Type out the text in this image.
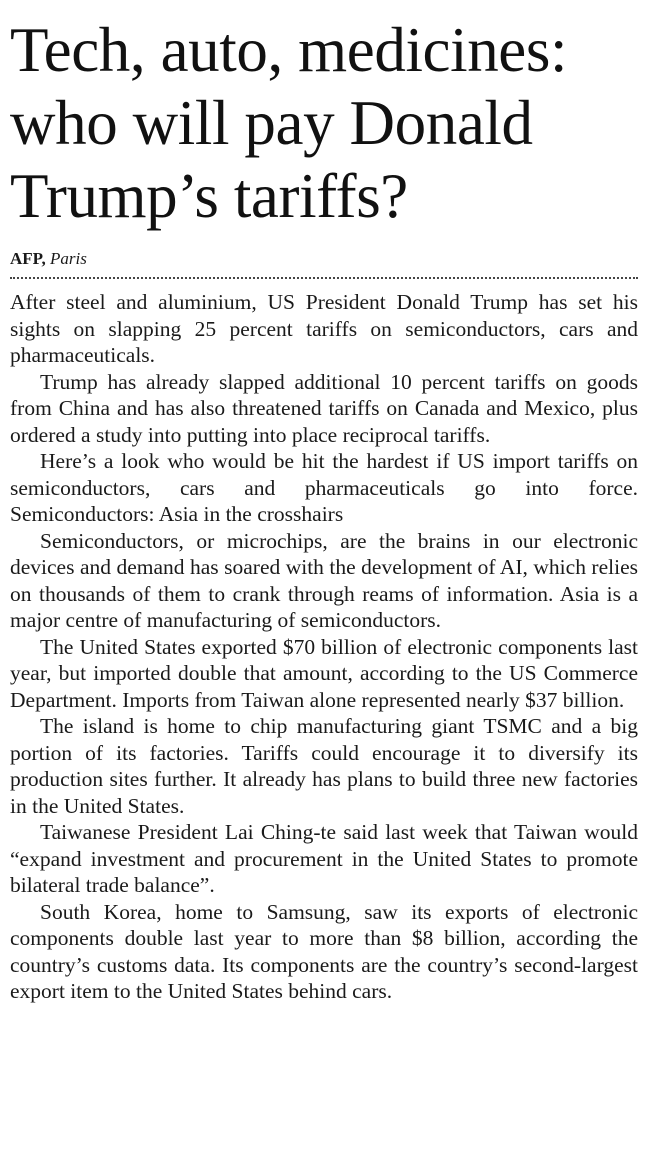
Tech, auto, medicines: who will pay Donald Trump’s tariffs?
AFP, Paris

After steel and aluminium, US President Donald Trump has set his sights on slapping 25 percent tariffs on semiconductors, cars and pharmaceuticals.

Trump has already slapped additional 10 percent tariffs on goods from China and has also threatened tariffs on Canada and Mexico, plus ordered a study into putting into place reciprocal tariffs.

Here’s a look who would be hit the hardest if US import tariffs on semiconductors, cars and pharmaceuticals go into force. Semiconductors: Asia in the crosshairs

Semiconductors, or microchips, are the brains in our electronic devices and demand has soared with the development of AI, which relies on thousands of them to crank through reams of information. Asia is a major centre of manufacturing of semiconductors.

The United States exported $70 billion of electronic components last year, but imported double that amount, according to the US Commerce Department. Imports from Taiwan alone represented nearly $37 billion.

The island is home to chip manufacturing giant TSMC and a big portion of its factories. Tariffs could encourage it to diversify its production sites further. It already has plans to build three new factories in the United States.

Taiwanese President Lai Ching-te said last week that Taiwan would “expand investment and procurement in the United States to promote bilateral trade balance”.

South Korea, home to Samsung, saw its exports of electronic components double last year to more than $8 billion, according the country’s customs data. Its components are the country’s second-largest export item to the United States behind cars.
